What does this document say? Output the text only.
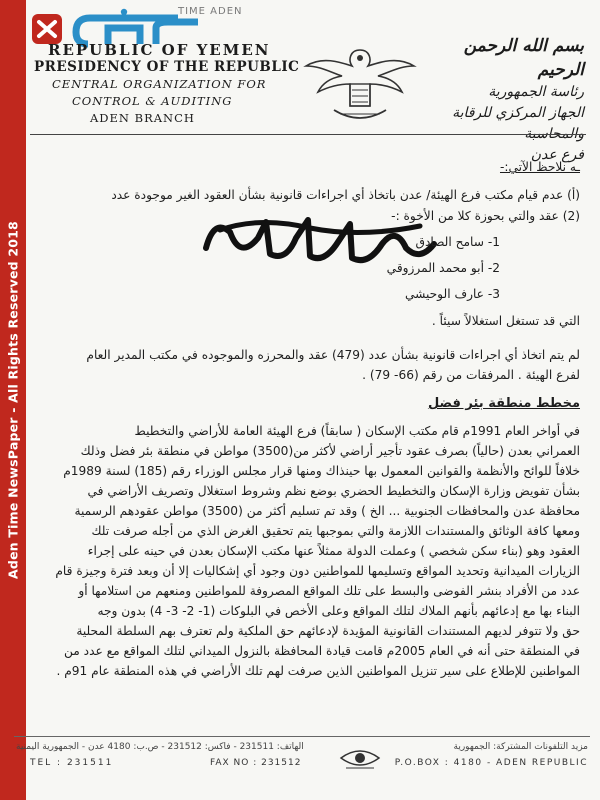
Aden Time NewsPaper - All Rights Reserved 2018
TIME ADEN
REPUBLIC OF YEMEN
PRESIDENCY OF THE REPUBLIC
CENTRAL ORGANIZATION FOR
CONTROL & AUDITING
ADEN BRANCH
بسم الله الرحمن الرحيم
رئاسة الجمهورية
الجهاز المركزي للرقابة والمحاسبة
فرع عدن
ـه نلاحظ الآتي:-
(أ) عدم قيام مكتب فرع الهيئة/ عدن باتخاذ أي اجراءات قانونية بشأن العقود الغير موجودة عدد
(2) عقد والتي بحوزة كلا من الأخوة :-
1- سامح الصادق
2- أبو محمد المرزوقي
3- عارف الوحيشي
التي قد تستغل استغلالاً سيئاً .
لم يتم اتخاذ أي اجراءات قانونية بشأن عدد (479) عقد والمحرزه والموجوده في مكتب المدير العام
لفرع الهيئة . المرفقات من رقم (66- 79) .
مخطط منطقة بئر فضل
في أواخر العام 1991م قام مكتب الإسكان ( سابقاً) فرع الهيئة العامة للأراضي والتخطيط
العمراني بعدن (حالياً) بصرف عقود تأجير أراضي لأكثر من(3500) مواطن في منطقة بئر فضل وذلك
خلافاً للوائح والأنظمة والقوانين المعمول بها حينذاك ومنها قرار مجلس الوزراء رقم (185) لسنة 1989م
بشأن تفويض وزارة الإسكان والتخطيط الحضري بوضع نظم وشروط استغلال وتصريف الأراضي في
محافظة عدن والمحافظات الجنوبية ... الخ ) وقد تم تسليم أكثر من (3500) مواطن عقودهم الرسمية
ومعها كافة الوثائق والمستندات اللازمة والتي بموجبها يتم تحقيق الغرض الذي من أجله صرفت تلك
العقود وهو (بناء سكن شخصي ) وعملت الدولة ممثلاً عنها مكتب الإسكان بعدن في حينه على إجراء
الزيارات الميدانية وتحديد المواقع وتسليمها للمواطنين دون وجود أي إشكاليات إلا أن وبعد فترة وجيزة قام
عدد من الأفراد بنشر الفوضى والبسط على تلك المواقع المصروفة للمواطنين ومنعهم من استلامها أو
البناء بها مع إدعائهم بأنهم الملاك لتلك المواقع وعلى الأخص في البلوكات (1- 2- 3- 4) بدون وجه
حق ولا تتوفر لديهم المستندات القانونية المؤيدة لإدعائهم حق الملكية ولم تعترف بهم السلطة المحلية
في المنطقة حتى أنه في العام 2005م قامت قيادة المحافظة بالنزول الميداني لتلك المواقع مع عدد من
المواطنين للإطلاع على سير تنزيل المواطنين الذين صرفت لهم تلك الأراضي في هذه المنطقة عام 91م .
الهاتف: 231511 - فاكس: 231512 - ص.ب: 4180 عدن - الجمهورية اليمنية
TEL : 231511	FAX NO : 231512
مزيد التلفونات المشتركة: الجمهورية
P.O.BOX : 4180 - ADEN REPUBLIC
